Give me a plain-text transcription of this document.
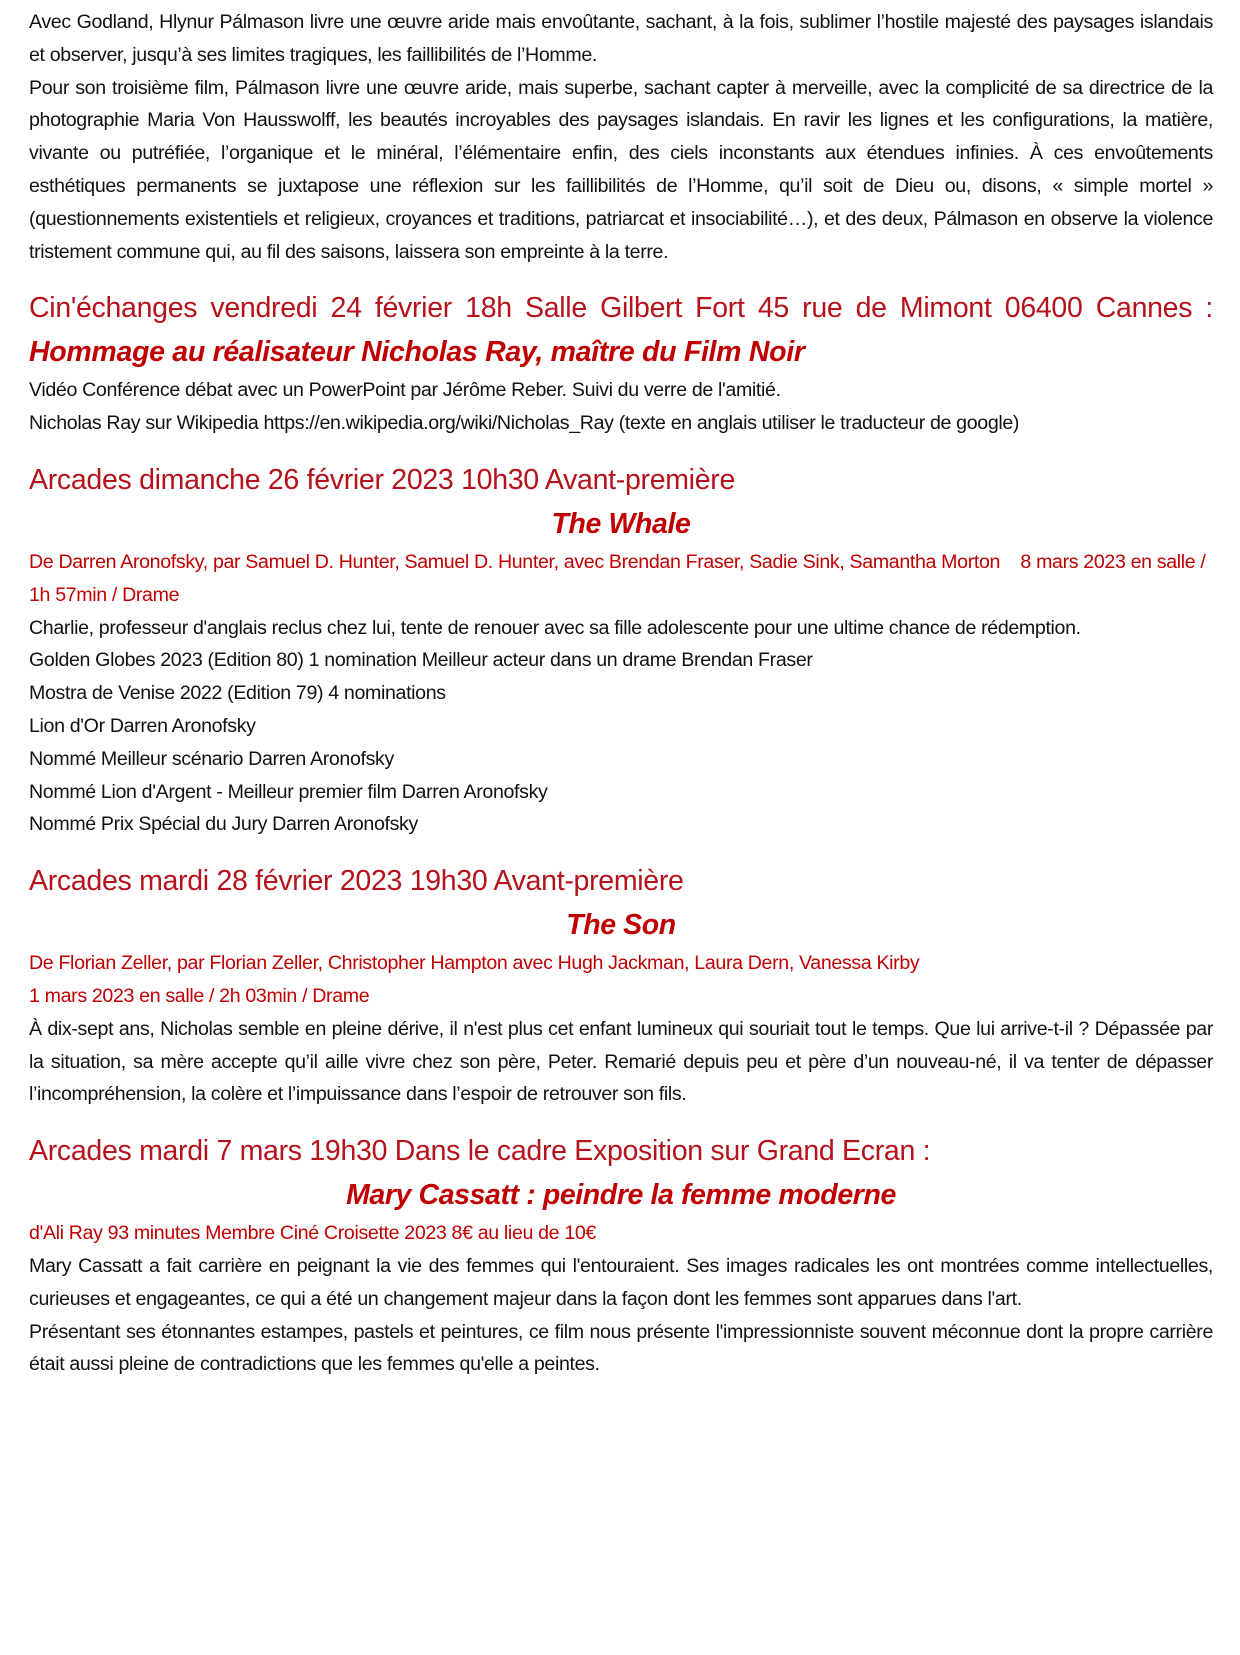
Avec Godland, Hlynur Pálmason livre une œuvre aride mais envoûtante, sachant, à la fois, sublimer l’hostile majesté des paysages islandais et observer, jusqu’à ses limites tragiques, les faillibilités de l’Homme.

Pour son troisième film, Pálmason livre une œuvre aride, mais superbe, sachant capter à merveille, avec la complicité de sa directrice de la photographie Maria Von Hausswolff, les beautés incroyables des paysages islandais. En ravir les lignes et les configurations, la matière, vivante ou putréfiée, l’organique et le minéral, l’élémentaire enfin, des ciels inconstants aux étendues infinies. À ces envoûtements esthétiques permanents se juxtapose une réflexion sur les faillibilités de l’Homme, qu’il soit de Dieu ou, disons, « simple mortel » (questionnements existentiels et religieux, croyances et traditions, patriarcat et insociabilité…), et des deux, Pálmason en observe la violence tristement commune qui, au fil des saisons, laissera son empreinte à la terre.

Cin'échanges vendredi 24 février 18h Salle Gilbert Fort 45 rue de Mimont 06400 Cannes : Hommage au réalisateur Nicholas Ray, maître du Film Noir

Vidéo Conférence débat avec un PowerPoint par Jérôme Reber. Suivi du verre de l'amitié.

Nicholas Ray sur Wikipedia https://en.wikipedia.org/wiki/Nicholas_Ray (texte en anglais utiliser le traducteur de google)

Arcades dimanche 26 février 2023 10h30 Avant-première

The Whale

De Darren Aronofsky, par Samuel D. Hunter, Samuel D. Hunter, avec Brendan Fraser, Sadie Sink, Samantha Morton    8 mars 2023 en salle / 1h 57min / Drame

Charlie, professeur d'anglais reclus chez lui, tente de renouer avec sa fille adolescente pour une ultime chance de rédemption.

Golden Globes 2023 (Edition 80) 1 nomination Meilleur acteur dans un drame Brendan Fraser

Mostra de Venise 2022 (Edition 79) 4 nominations

Lion d'Or Darren Aronofsky

Nommé Meilleur scénario Darren Aronofsky

Nommé Lion d'Argent - Meilleur premier film Darren Aronofsky

Nommé Prix Spécial du Jury Darren Aronofsky

Arcades mardi 28 février 2023 19h30 Avant-première

The Son

De Florian Zeller, par Florian Zeller, Christopher Hampton avec Hugh Jackman, Laura Dern, Vanessa Kirby

1 mars 2023 en salle / 2h 03min / Drame

À dix-sept ans, Nicholas semble en pleine dérive, il n'est plus cet enfant lumineux qui souriait tout le temps. Que lui arrive-t-il ? Dépassée par la situation, sa mère accepte qu’il aille vivre chez son père, Peter. Remarié depuis peu et père d’un nouveau-né, il va tenter de dépasser l’incompréhension, la colère et l’impuissance dans l’espoir de retrouver son fils.

Arcades mardi 7 mars 19h30 Dans le cadre Exposition sur Grand Ecran :

Mary Cassatt : peindre la femme moderne

d'Ali Ray 93 minutes Membre Ciné Croisette 2023 8€ au lieu de 10€

Mary Cassatt a fait carrière en peignant la vie des femmes qui l'entouraient. Ses images radicales les ont montrées comme intellectuelles, curieuses et engageantes, ce qui a été un changement majeur dans la façon dont les femmes sont apparues dans l'art.

Présentant ses étonnantes estampes, pastels et peintures, ce film nous présente l'impressionniste souvent méconnue dont la propre carrière était aussi pleine de contradictions que les femmes qu'elle a peintes.
